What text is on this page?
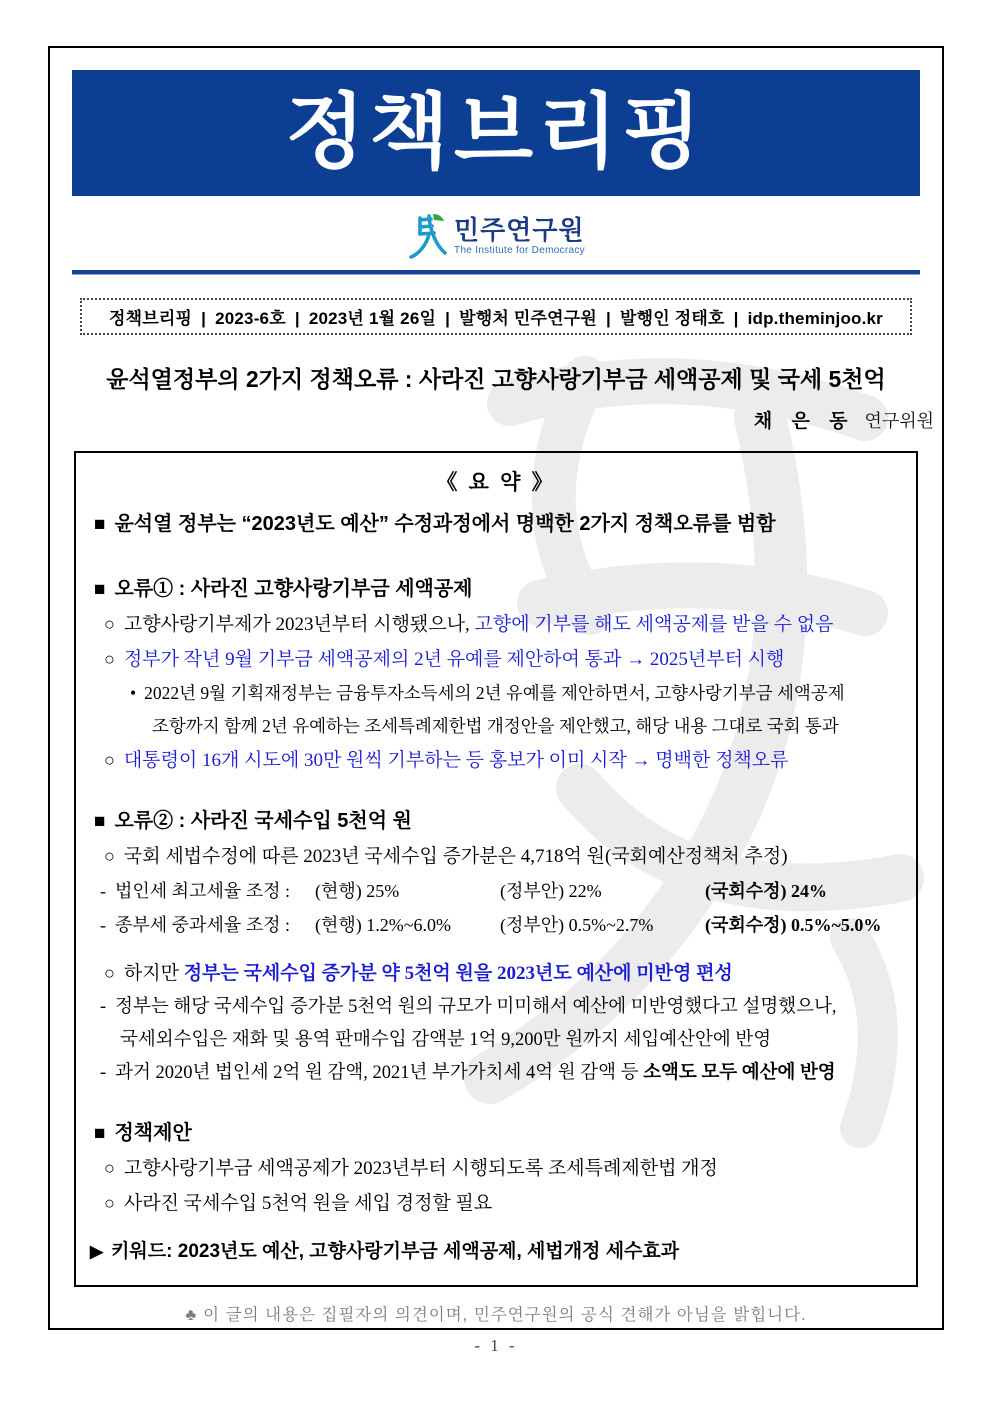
정책브리핑
민주연구원
The Institute for Democracy
정책브리핑 | 2023-6호 | 2023년 1월 26일 | 발행처 민주연구원 | 발행인 정태호 | idp.theminjoo.kr
윤석열정부의 2가지 정책오류 : 사라진 고향사랑기부금 세액공제 및 국세 5천억
채 은 동 연구위원
《 요 약 》
■ 윤석열 정부는 “2023년도 예산” 수정과정에서 명백한 2가지 정책오류를 범함
■ 오류① : 사라진 고향사랑기부금 세액공제
○ 고향사랑기부제가 2023년부터 시행됐으나, 고향에 기부를 해도 세액공제를 받을 수 없음
○ 정부가 작년 9월 기부금 세액공제의 2년 유예를 제안하여 통과 → 2025년부터 시행
• 2022년 9월 기획재정부는 금융투자소득세의 2년 유예를 제안하면서, 고향사랑기부금 세액공제
조항까지 함께 2년 유예하는 조세특례제한법 개정안을 제안했고, 해당 내용 그대로 국회 통과
○ 대통령이 16개 시도에 30만 원씩 기부하는 등 홍보가 이미 시작 → 명백한 정책오류
■ 오류② : 사라진 국세수입 5천억 원
○ 국회 세법수정에 따른 2023년 국세수입 증가분은 4,718억 원(국회예산정책처 추정)
- 법인세 최고세율 조정 :	(현행) 25%	(정부안) 22%	(국회수정) 24%
- 종부세 중과세율 조정 :	(현행) 1.2%~6.0%	(정부안) 0.5%~2.7%	(국회수정) 0.5%~5.0%
○ 하지만 정부는 국세수입 증가분 약 5천억 원을 2023년도 예산에 미반영 편성
- 정부는 해당 국세수입 증가분 5천억 원의 규모가 미미해서 예산에 미반영했다고 설명했으나,
국세외수입은 재화 및 용역 판매수입 감액분 1억 9,200만 원까지 세입예산안에 반영
- 과거 2020년 법인세 2억 원 감액, 2021년 부가가치세 4억 원 감액 등 소액도 모두 예산에 반영
■ 정책제안
○ 고향사랑기부금 세액공제가 2023년부터 시행되도록 조세특례제한법 개정
○ 사라진 국세수입 5천억 원을 세입 경정할 필요
▶ 키워드: 2023년도 예산, 고향사랑기부금 세액공제, 세법개정 세수효과
♣ 이 글의 내용은 집필자의 의견이며, 민주연구원의 공식 견해가 아님을 밝힙니다.
- 1 -
